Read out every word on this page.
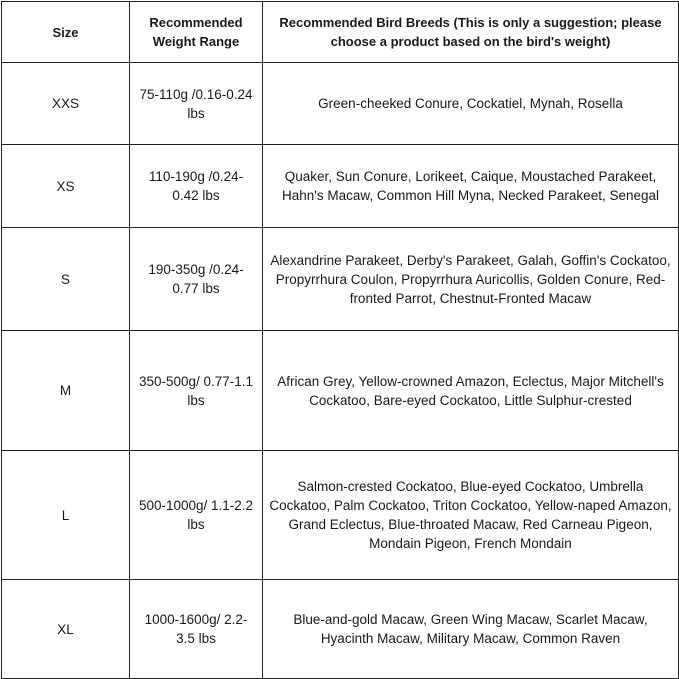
Size	Recommended Weight Range	Recommended Bird Breeds (This is only a suggestion; please choose a product based on the bird's weight)
XXS	75-110g /0.16-0.24 lbs	Green-cheeked Conure, Cockatiel, Mynah, Rosella
XS	110-190g /0.24-0.42 lbs	Quaker, Sun Conure, Lorikeet, Caique, Moustached Parakeet, Hahn's Macaw, Common Hill Myna, Necked Parakeet, Senegal
S	190-350g /0.24-0.77 lbs	Alexandrine Parakeet, Derby's Parakeet, Galah, Goffin's Cockatoo, Propyrrhura Coulon, Propyrrhura Auricollis, Golden Conure, Red-fronted Parrot, Chestnut-Fronted Macaw
M	350-500g/ 0.77-1.1 lbs	African Grey, Yellow-crowned Amazon, Eclectus, Major Mitchell's Cockatoo, Bare-eyed Cockatoo, Little Sulphur-crested
L	500-1000g/ 1.1-2.2 lbs	Salmon-crested Cockatoo, Blue-eyed Cockatoo, Umbrella Cockatoo, Palm Cockatoo, Triton Cockatoo, Yellow-naped Amazon, Grand Eclectus, Blue-throated Macaw, Red Carneau Pigeon, Mondain Pigeon, French Mondain
XL	1000-1600g/ 2.2-3.5 lbs	Blue-and-gold Macaw, Green Wing Macaw, Scarlet Macaw, Hyacinth Macaw, Military Macaw, Common Raven
